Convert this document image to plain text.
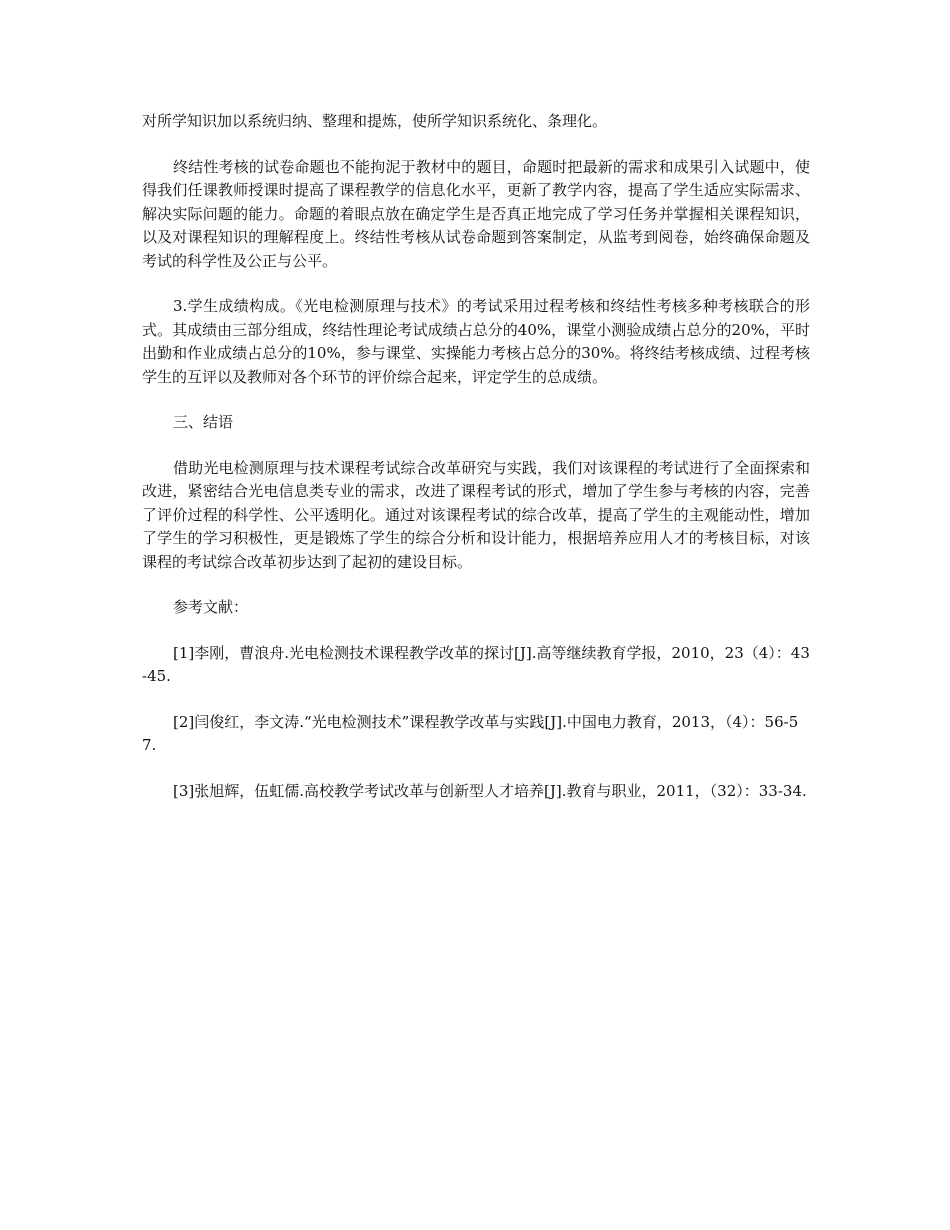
对所学知识加以系统归纳、整理和提炼，使所学知识系统化、条理化。

终结性考核的试卷命题也不能拘泥于教材中的题目，命题时把最新的需求和成果引入试题中，使得我们任课教师授课时提高了课程教学的信息化水平，更新了教学内容，提高了学生适应实际需求、解决实际问题的能力。命题的着眼点放在确定学生是否真正地完成了学习任务并掌握相关课程知识，以及对课程知识的理解程度上。终结性考核从试卷命题到答案制定，从监考到阅卷，始终确保命题及考试的科学性及公正与公平。

3.学生成绩构成。《光电检测原理与技术》的考试采用过程考核和终结性考核多种考核联合的形式。其成绩由三部分组成，终结性理论考试成绩占总分的40%，课堂小测验成绩占总分的20%，平时出勤和作业成绩占总分的10%，参与课堂、实操能力考核占总分的30%。将终结考核成绩、过程考核学生的互评以及教师对各个环节的评价综合起来，评定学生的总成绩。

三、结语

借助光电检测原理与技术课程考试综合改革研究与实践，我们对该课程的考试进行了全面探索和改进，紧密结合光电信息类专业的需求，改进了课程考试的形式，增加了学生参与考核的内容，完善了评价过程的科学性、公平透明化。通过对该课程考试的综合改革，提高了学生的主观能动性，增加了学生的学习积极性，更是锻炼了学生的综合分析和设计能力，根据培养应用人才的考核目标，对该课程的考试综合改革初步达到了起初的建设目标。

参考文献：

[1]李刚，曹浪舟.光电检测技术课程教学改革的探讨[J].高等继续教育学报，2010，23（4）：43-45.

[2]闫俊红，李文涛.“光电检测技术”课程教学改革与实践[J].中国电力教育，2013，（4）：56-57.

[3]张旭辉，伍虹儒.高校教学考试改革与创新型人才培养[J].教育与职业，2011，（32）：33-34.
